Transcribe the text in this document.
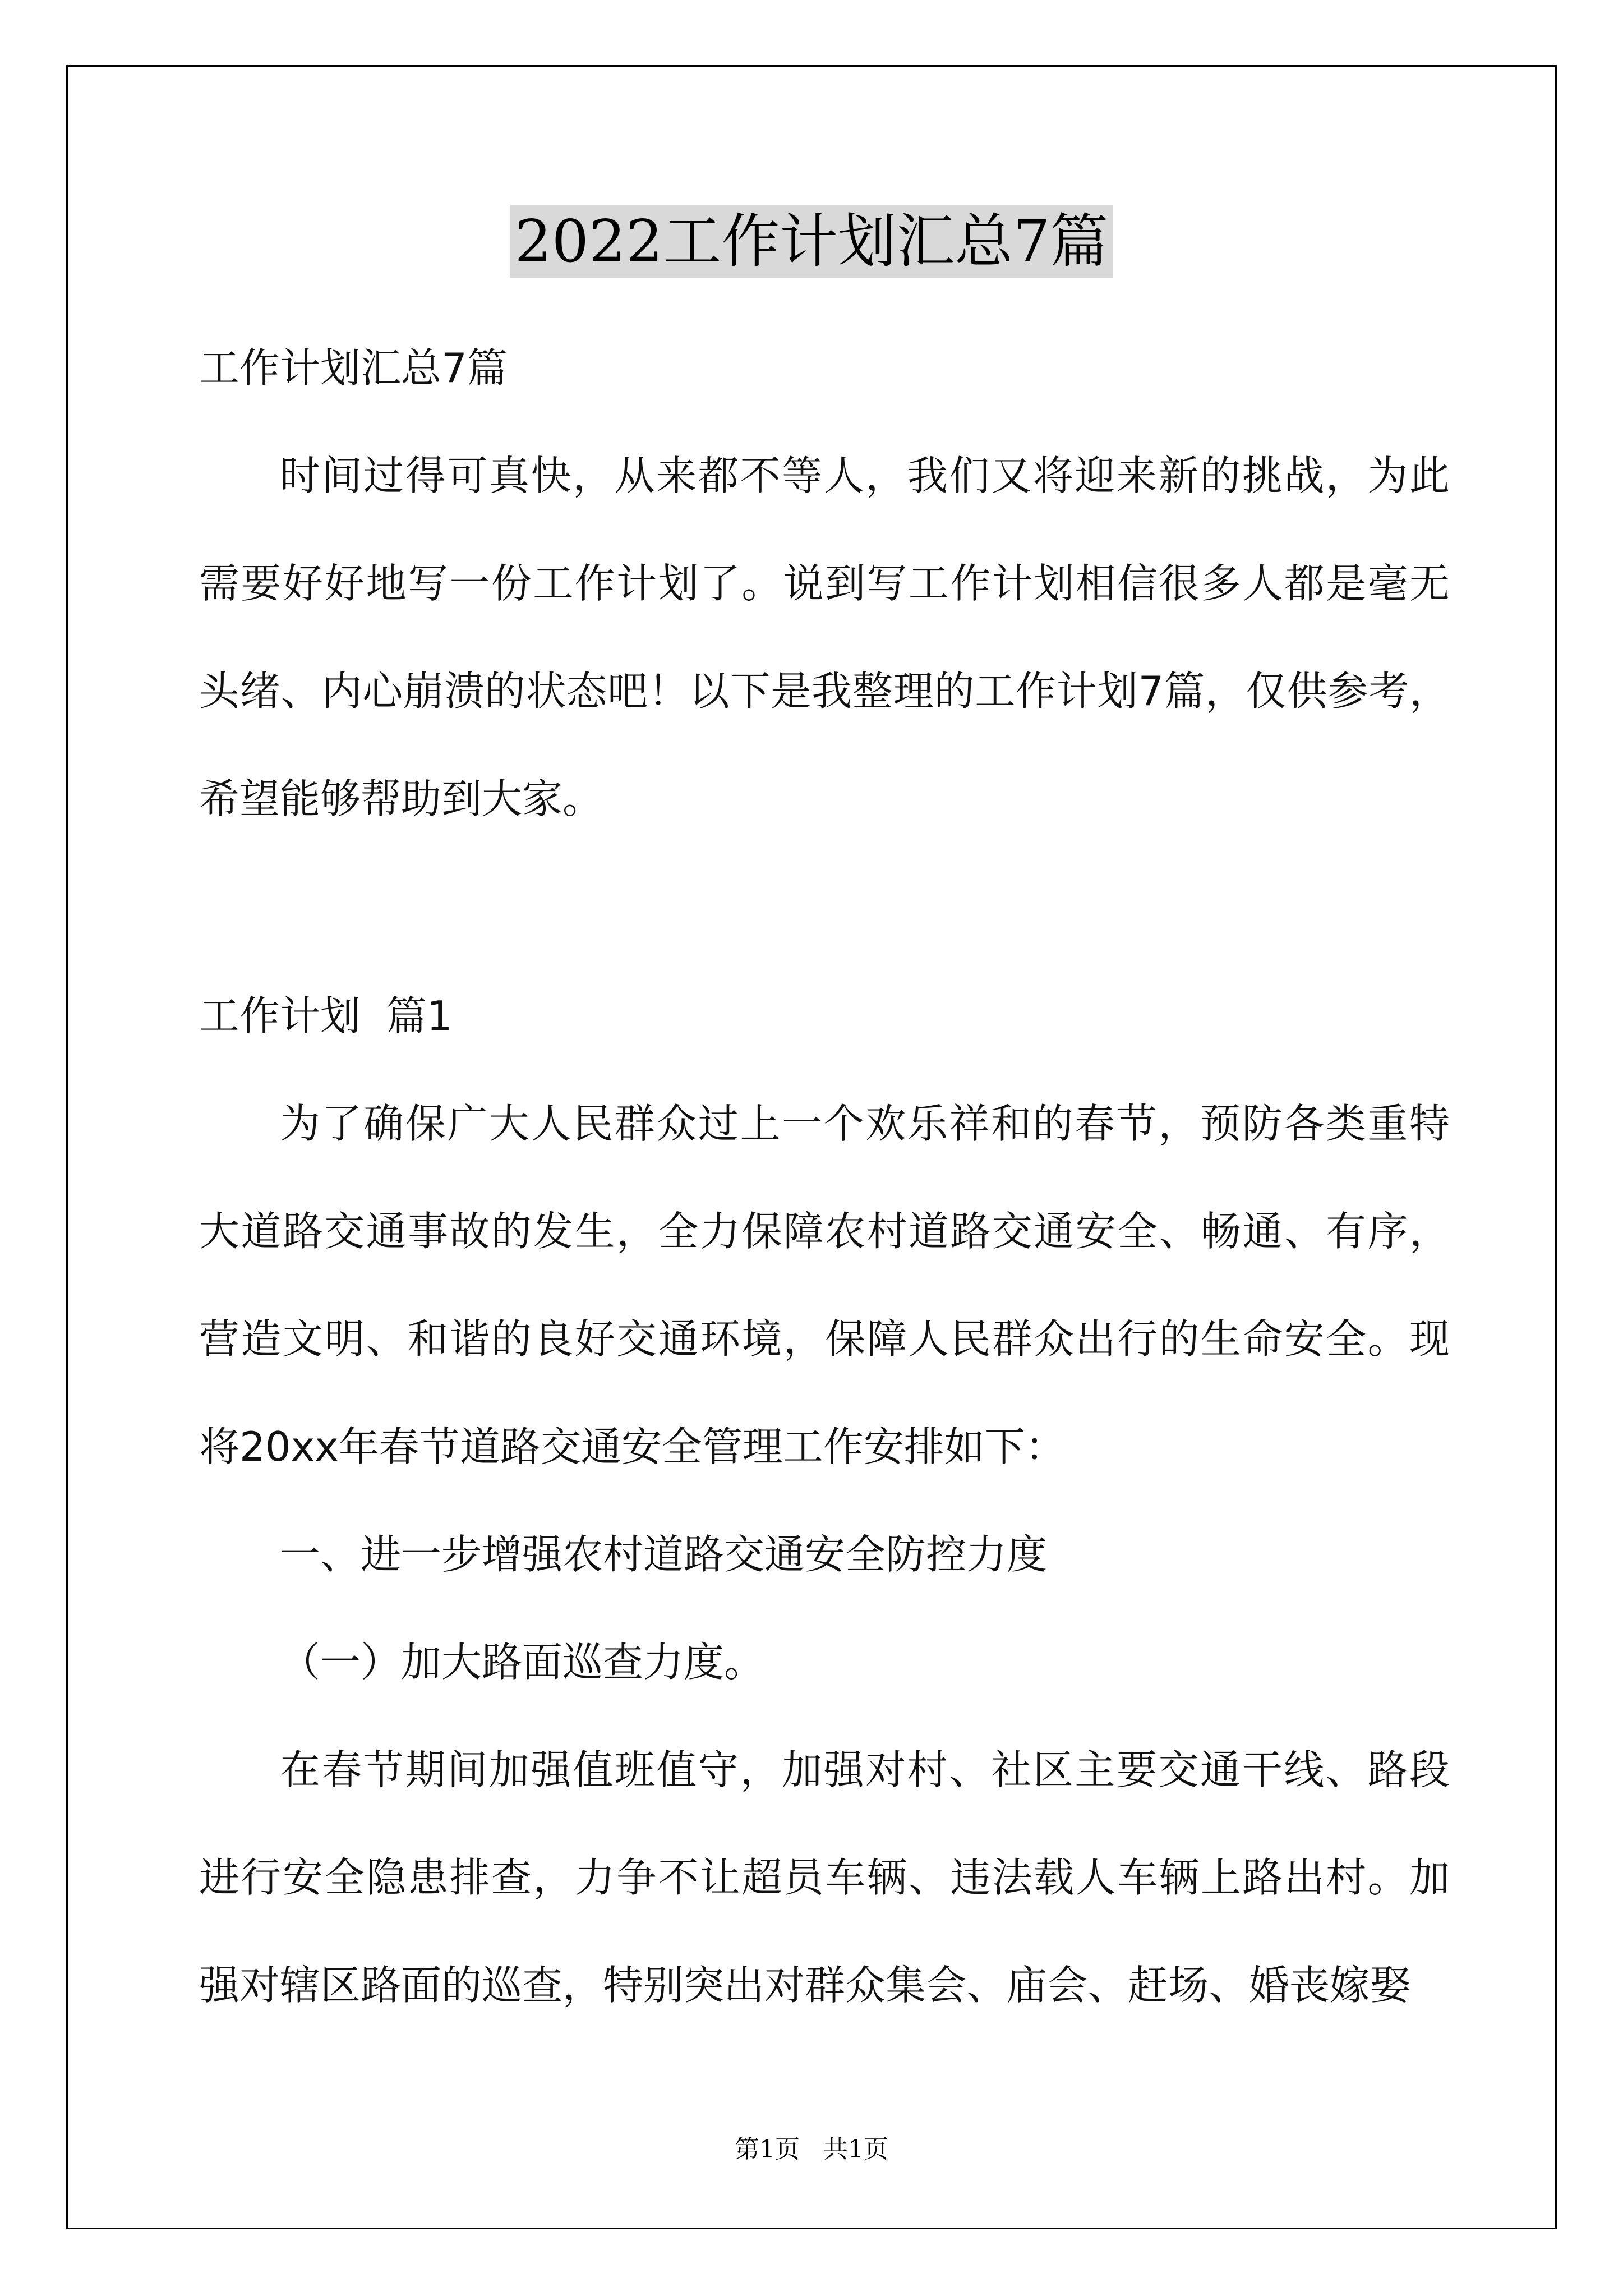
2022工作计划汇总7篇

工作计划汇总7篇

时间过得可真快，从来都不等人，我们又将迎来新的挑战，为此需要好好地写一份工作计划了。说到写工作计划相信很多人都是毫无头绪、内心崩溃的状态吧！以下是我整理的工作计划7篇，仅供参考，希望能够帮助到大家。

工作计划  篇1

为了确保广大人民群众过上一个欢乐祥和的春节，预防各类重特大道路交通事故的发生，全力保障农村道路交通安全、畅通、有序，营造文明、和谐的良好交通环境，保障人民群众出行的生命安全。现将20xx年春节道路交通安全管理工作安排如下：

一、进一步增强农村道路交通安全防控力度

（一）加大路面巡查力度。

在春节期间加强值班值守，加强对村、社区主要交通干线、路段进行安全隐患排查，力争不让超员车辆、违法载人车辆上路出村。加强对辖区路面的巡查，特别突出对群众集会、庙会、赶场、婚丧嫁娶

第1页   共1页
